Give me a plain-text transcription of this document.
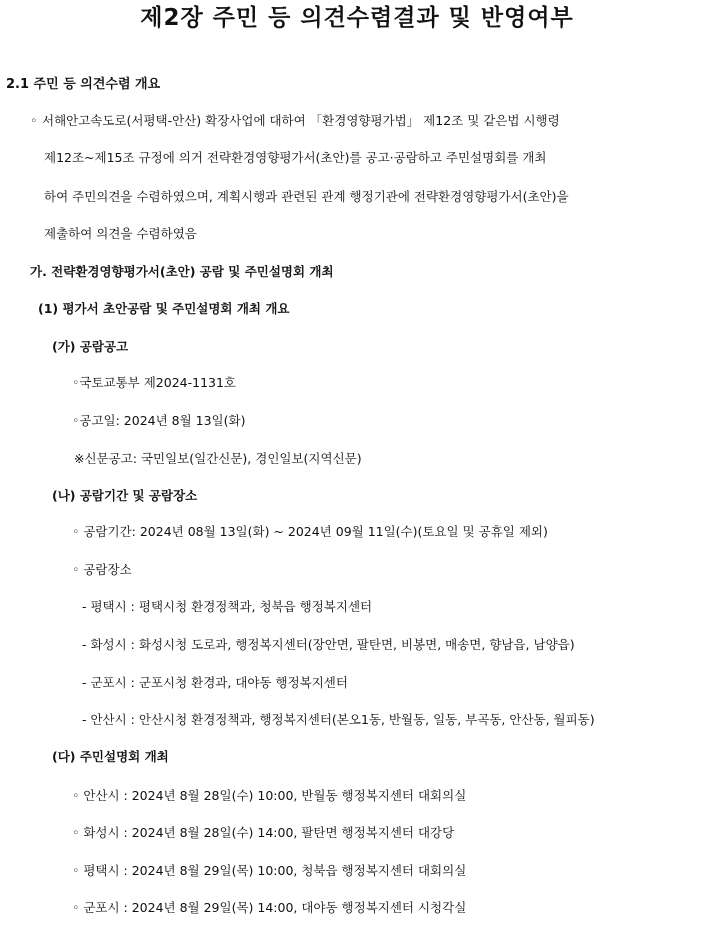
제2장 주민 등 의견수렴결과 및 반영여부
2.1 주민 등 의견수렴 개요
◦ 서해안고속도로(서평택-안산) 확장사업에 대하여 「환경영향평가법」 제12조 및 같은법 시행령
제12조~제15조 규정에 의거 전략환경영향평가서(초안)를 공고·공람하고 주민설명회를 개최
하여 주민의견을 수렴하였으며, 계획시행과 관련된 관계 행정기관에 전략환경영향평가서(초안)을
제출하여 의견을 수렴하였음
가. 전략환경영향평가서(초안) 공람 및 주민설명회 개최
(1) 평가서 초안공람 및 주민설명회 개최 개요
(가) 공람공고
◦국토교통부 제2024-1131호
◦공고일: 2024년 8월 13일(화)
※신문공고: 국민일보(일간신문), 경인일보(지역신문)
(나) 공람기간 및 공람장소
◦ 공람기간: 2024년 08월 13일(화) ~ 2024년 09월 11일(수)(토요일 및 공휴일 제외)
◦ 공람장소
- 평택시 : 평택시청 환경정책과, 청북읍 행정복지센터
- 화성시 : 화성시청 도로과, 행정복지센터(장안면, 팔탄면, 비봉면, 매송면, 향남읍, 남양읍)
- 군포시 : 군포시청 환경과, 대야동 행정복지센터
- 안산시 : 안산시청 환경정책과, 행정복지센터(본오1동, 반월동, 일동, 부곡동, 안산동, 월피동)
(다) 주민설명회 개최
◦ 안산시 : 2024년 8월 28일(수) 10:00, 반월동 행정복지센터 대회의실
◦ 화성시 : 2024년 8월 28일(수) 14:00, 팔탄면 행정복지센터 대강당
◦ 평택시 : 2024년 8월 29일(목) 10:00, 청북읍 행정복지센터 대회의실
◦ 군포시 : 2024년 8월 29일(목) 14:00, 대야동 행정복지센터 시청각실
